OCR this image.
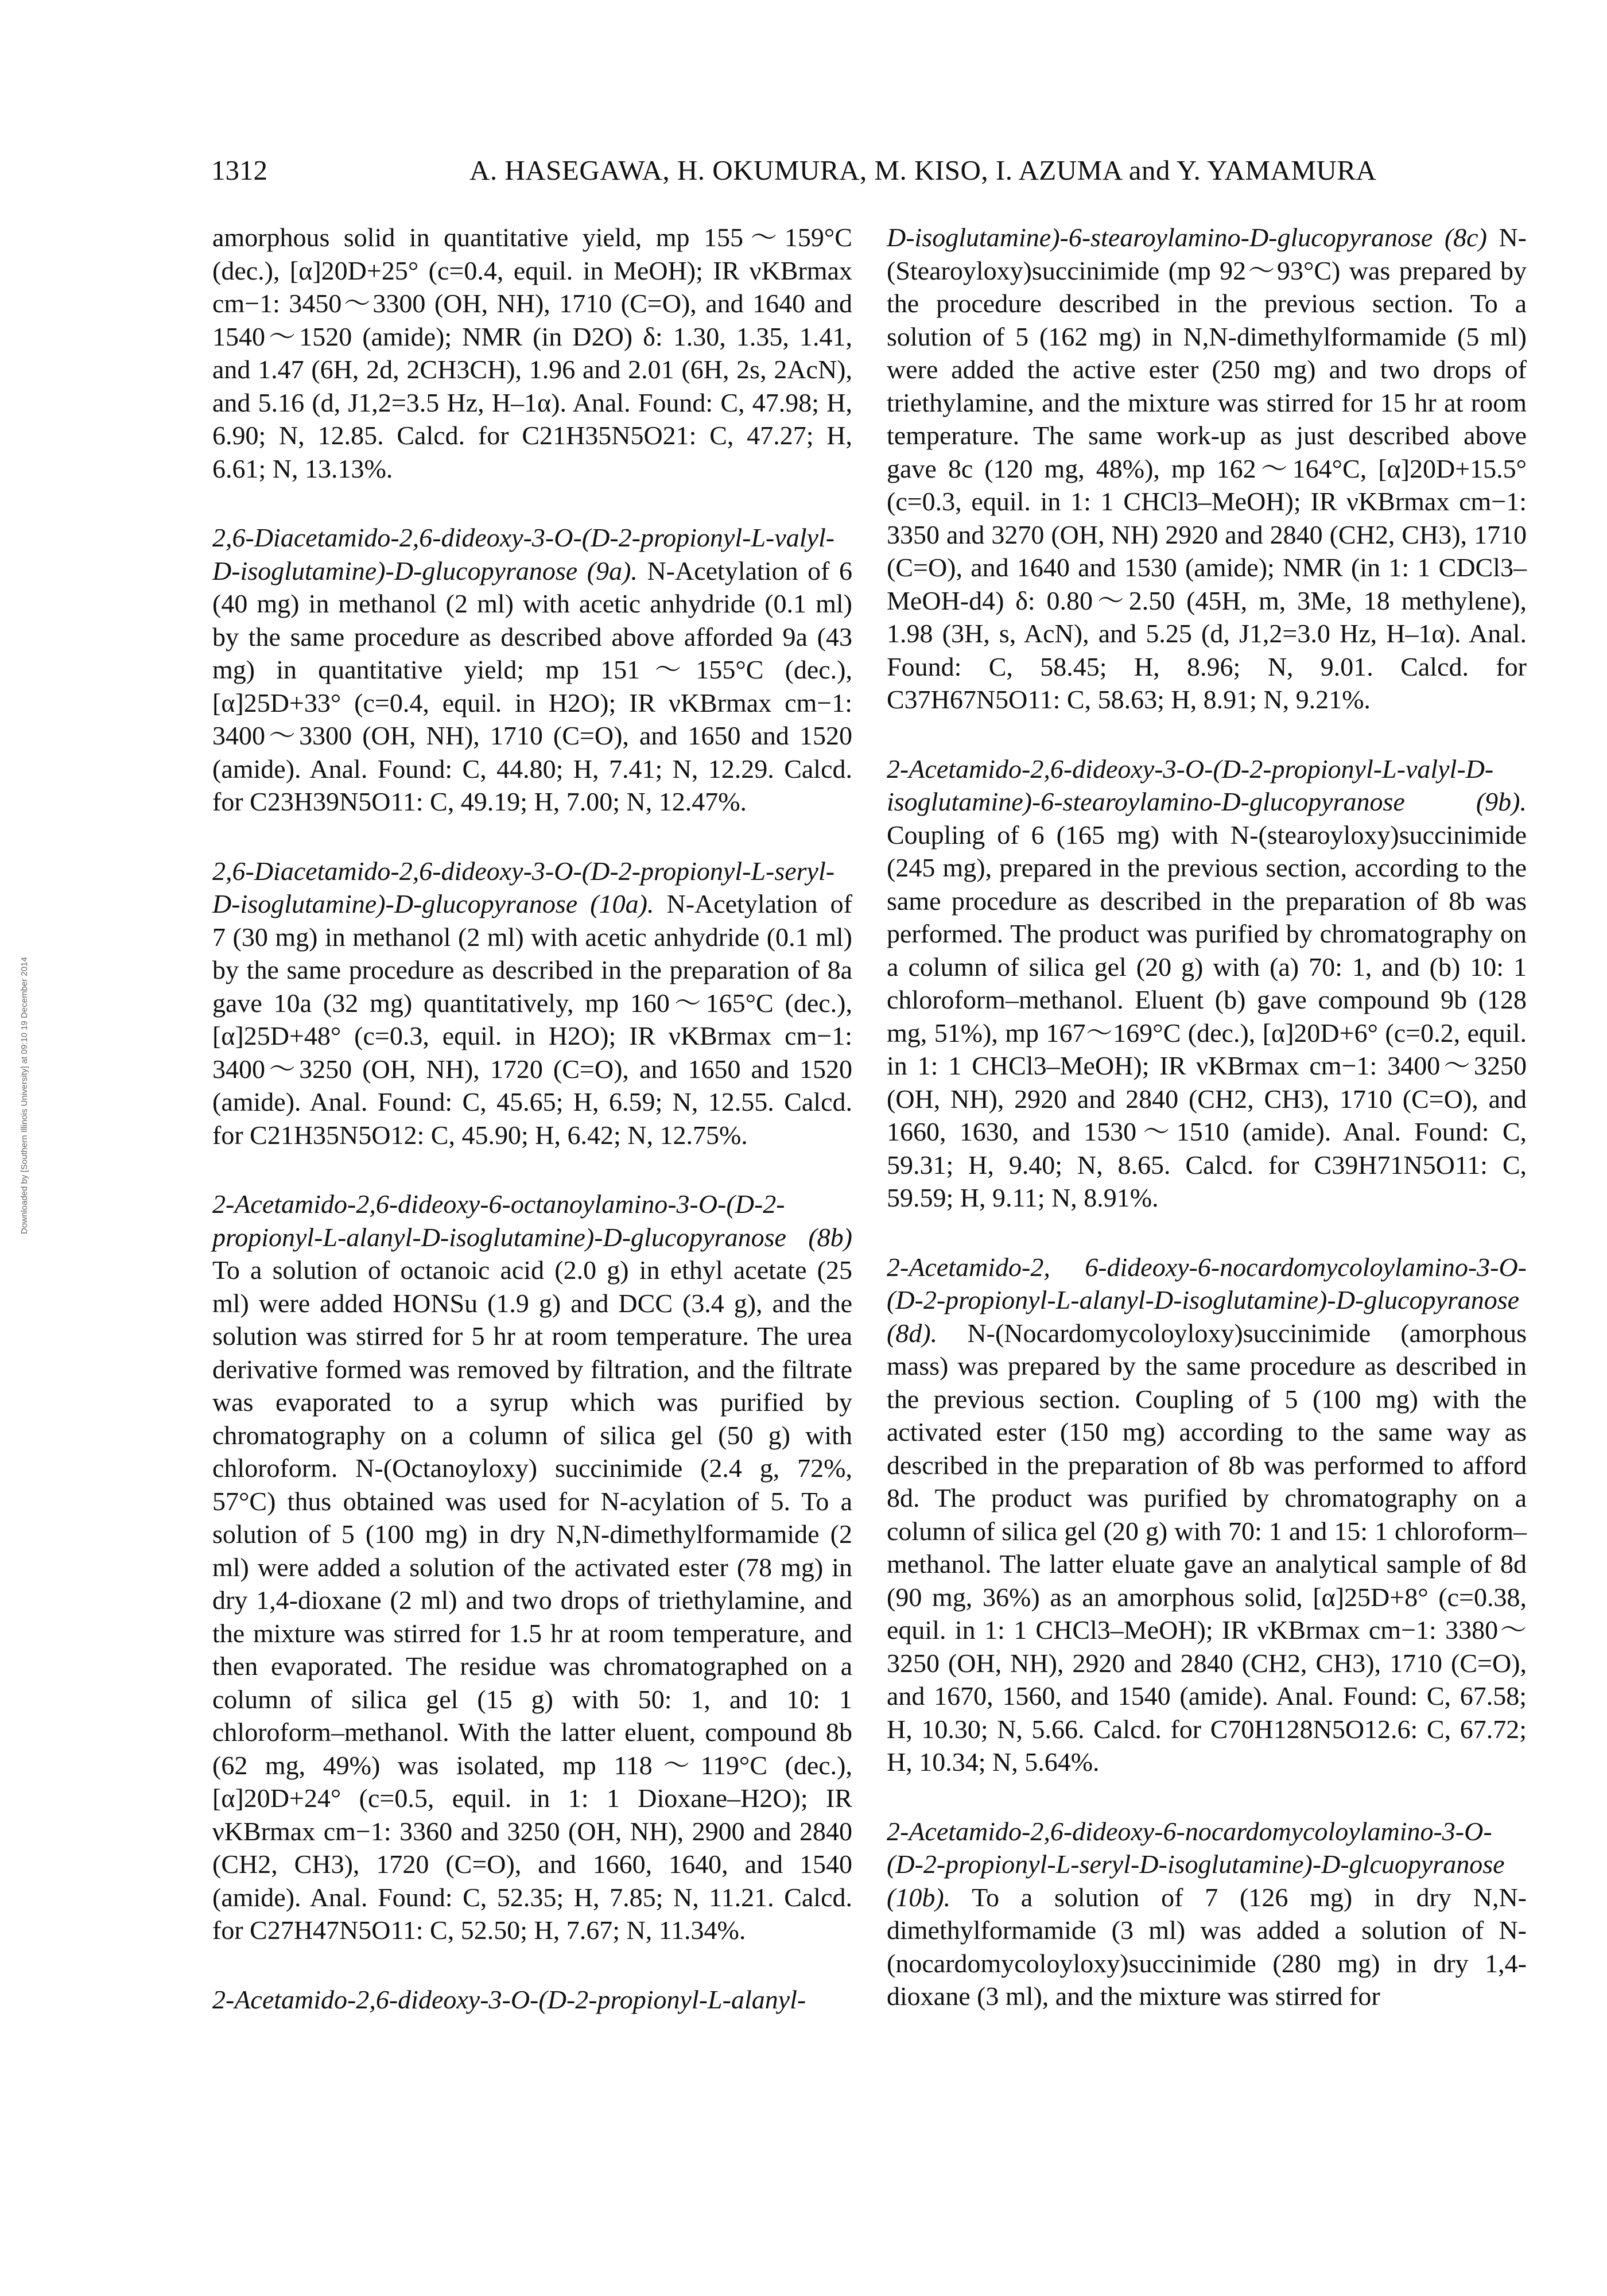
1312	A. HASEGAWA, H. OKUMURA, M. KISO, I. AZUMA and Y. YAMAMURA
Downloaded by [Southern Illinois University] at 09:10 19 December 2014

amorphous solid in quantitative yield, mp 155～159°C (dec.), [α]20D+25° (c=0.4, equil. in MeOH); IR νKBrmax cm−1: 3450～3300 (OH, NH), 1710 (C=O), and 1640 and 1540～1520 (amide); NMR (in D2O) δ: 1.30, 1.35, 1.41, and 1.47 (6H, 2d, 2CH3CH), 1.96 and 2.01 (6H, 2s, 2AcN), and 5.16 (d, J1,2=3.5 Hz, H–1α). Anal. Found: C, 47.98; H, 6.90; N, 12.85. Calcd. for C21H35N5O21: C, 47.27; H, 6.61; N, 13.13%.

2,6-Diacetamido-2,6-dideoxy-3-O-(D-2-propionyl-L-valyl-D-isoglutamine)-D-glucopyranose (9a). N-Acetylation of 6 (40 mg) in methanol (2 ml) with acetic anhydride (0.1 ml) by the same procedure as described above afforded 9a (43 mg) in quantitative yield; mp 151～155°C (dec.), [α]25D+33° (c=0.4, equil. in H2O); IR νKBrmax cm−1: 3400～3300 (OH, NH), 1710 (C=O), and 1650 and 1520 (amide). Anal. Found: C, 44.80; H, 7.41; N, 12.29. Calcd. for C23H39N5O11: C, 49.19; H, 7.00; N, 12.47%.

2,6-Diacetamido-2,6-dideoxy-3-O-(D-2-propionyl-L-seryl-D-isoglutamine)-D-glucopyranose (10a). N-Acetylation of 7 (30 mg) in methanol (2 ml) with acetic anhydride (0.1 ml) by the same procedure as described in the preparation of 8a gave 10a (32 mg) quantitatively, mp 160～165°C (dec.), [α]25D+48° (c=0.3, equil. in H2O); IR νKBrmax cm−1: 3400～3250 (OH, NH), 1720 (C=O), and 1650 and 1520 (amide). Anal. Found: C, 45.65; H, 6.59; N, 12.55. Calcd. for C21H35N5O12: C, 45.90; H, 6.42; N, 12.75%.

2-Acetamido-2,6-dideoxy-6-octanoylamino-3-O-(D-2-propionyl-L-alanyl-D-isoglutamine)-D-glucopyranose (8b) To a solution of octanoic acid (2.0 g) in ethyl acetate (25 ml) were added HONSu (1.9 g) and DCC (3.4 g), and the solution was stirred for 5 hr at room temperature. The urea derivative formed was removed by filtration, and the filtrate was evaporated to a syrup which was purified by chromatography on a column of silica gel (50 g) with chloroform. N-(Octanoyloxy) succinimide (2.4 g, 72%, 57°C) thus obtained was used for N-acylation of 5. To a solution of 5 (100 mg) in dry N,N-dimethylformamide (2 ml) were added a solution of the activated ester (78 mg) in dry 1,4-dioxane (2 ml) and two drops of triethylamine, and the mixture was stirred for 1.5 hr at room temperature, and then evaporated. The residue was chromatographed on a column of silica gel (15 g) with 50: 1, and 10: 1 chloroform–methanol. With the latter eluent, compound 8b (62 mg, 49%) was isolated, mp 118～119°C (dec.), [α]20D+24° (c=0.5, equil. in 1: 1 Dioxane–H2O); IR νKBrmax cm−1: 3360 and 3250 (OH, NH), 2900 and 2840 (CH2, CH3), 1720 (C=O), and 1660, 1640, and 1540 (amide). Anal. Found: C, 52.35; H, 7.85; N, 11.21. Calcd. for C27H47N5O11: C, 52.50; H, 7.67; N, 11.34%.

2-Acetamido-2,6-dideoxy-3-O-(D-2-propionyl-L-alanyl-

D-isoglutamine)-6-stearoylamino-D-glucopyranose (8c) N-(Stearoyloxy)succinimide (mp 92～93°C) was prepared by the procedure described in the previous section. To a solution of 5 (162 mg) in N,N-dimethylformamide (5 ml) were added the active ester (250 mg) and two drops of triethylamine, and the mixture was stirred for 15 hr at room temperature. The same work-up as just described above gave 8c (120 mg, 48%), mp 162～164°C, [α]20D+15.5° (c=0.3, equil. in 1: 1 CHCl3–MeOH); IR νKBrmax cm−1: 3350 and 3270 (OH, NH) 2920 and 2840 (CH2, CH3), 1710 (C=O), and 1640 and 1530 (amide); NMR (in 1: 1 CDCl3–MeOH-d4) δ: 0.80～2.50 (45H, m, 3Me, 18 methylene), 1.98 (3H, s, AcN), and 5.25 (d, J1,2=3.0 Hz, H–1α). Anal. Found: C, 58.45; H, 8.96; N, 9.01. Calcd. for C37H67N5O11: C, 58.63; H, 8.91; N, 9.21%.

2-Acetamido-2,6-dideoxy-3-O-(D-2-propionyl-L-valyl-D-isoglutamine)-6-stearoylamino-D-glucopyranose (9b). Coupling of 6 (165 mg) with N-(stearoyloxy)succinimide (245 mg), prepared in the previous section, according to the same procedure as described in the preparation of 8b was performed. The product was purified by chromatography on a column of silica gel (20 g) with (a) 70: 1, and (b) 10: 1 chloroform–methanol. Eluent (b) gave compound 9b (128 mg, 51%), mp 167～169°C (dec.), [α]20D+6° (c=0.2, equil. in 1: 1 CHCl3–MeOH); IR νKBrmax cm−1: 3400～3250 (OH, NH), 2920 and 2840 (CH2, CH3), 1710 (C=O), and 1660, 1630, and 1530～1510 (amide). Anal. Found: C, 59.31; H, 9.40; N, 8.65. Calcd. for C39H71N5O11: C, 59.59; H, 9.11; N, 8.91%.

2-Acetamido-2, 6-dideoxy-6-nocardomycoloylamino-3-O-(D-2-propionyl-L-alanyl-D-isoglutamine)-D-glucopyranose (8d). N-(Nocardomycoloyloxy)succinimide (amorphous mass) was prepared by the same procedure as described in the previous section. Coupling of 5 (100 mg) with the activated ester (150 mg) according to the same way as described in the preparation of 8b was performed to afford 8d. The product was purified by chromatography on a column of silica gel (20 g) with 70: 1 and 15: 1 chloroform–methanol. The latter eluate gave an analytical sample of 8d (90 mg, 36%) as an amorphous solid, [α]25D+8° (c=0.38, equil. in 1: 1 CHCl3–MeOH); IR νKBrmax cm−1: 3380～3250 (OH, NH), 2920 and 2840 (CH2, CH3), 1710 (C=O), and 1670, 1560, and 1540 (amide). Anal. Found: C, 67.58; H, 10.30; N, 5.66. Calcd. for C70H128N5O12.6: C, 67.72; H, 10.34; N, 5.64%.

2-Acetamido-2,6-dideoxy-6-nocardomycoloylamino-3-O-(D-2-propionyl-L-seryl-D-isoglutamine)-D-glcuopyranose (10b). To a solution of 7 (126 mg) in dry N,N-dimethylformamide (3 ml) was added a solution of N-(nocardomycoloyloxy)succinimide (280 mg) in dry 1,4-dioxane (3 ml), and the mixture was stirred for
